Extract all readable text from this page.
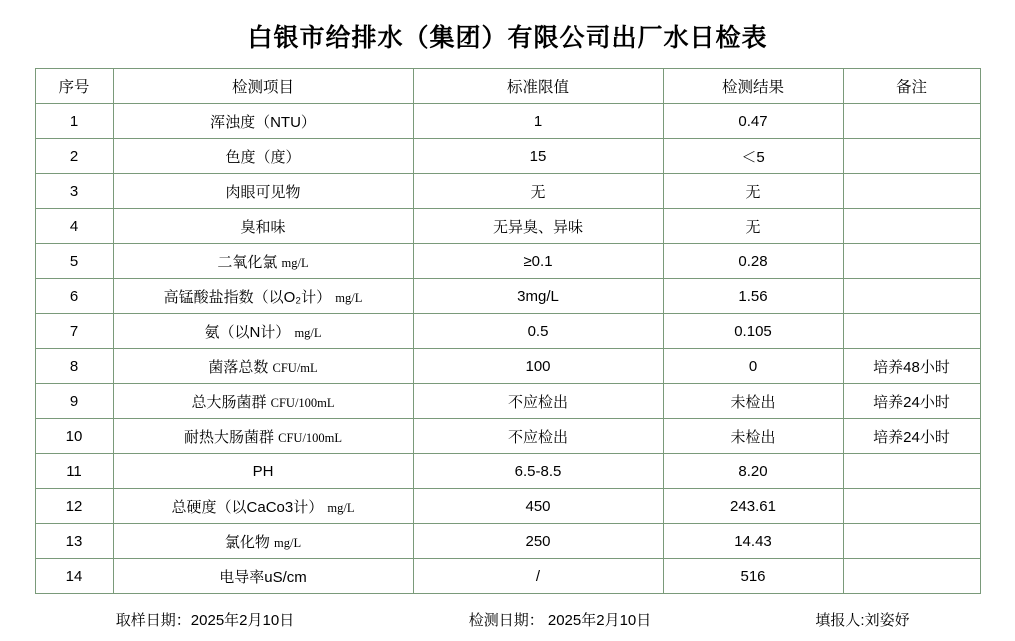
白银市给排水（集团）有限公司出厂水日检表
序号	检测项目	标准限值	检测结果	备注
1	浑浊度（NTU）	1	0.47	
2	色度（度）	15	＜5	
3	肉眼可见物	无	无	
4	臭和味	无异臭、异味	无	
5	二氧化氯 mg/L	≥0.1	0.28	
6	高锰酸盐指数（以O₂计） mg/L	3mg/L	1.56	
7	氨（以N计） mg/L	0.5	0.105	
8	菌落总数 CFU/mL	100	0	培养48小时
9	总大肠菌群 CFU/100mL	不应检出	未检出	培养24小时
10	耐热大肠菌群 CFU/100mL	不应检出	未检出	培养24小时
11	PH	6.5-8.5	8.20	
12	总硬度（以CaCo3计） mg/L	450	243.61	
13	氯化物 mg/L	250	14.43	
14	电导率uS/cm	/	516	
取样日期：2025年2月10日	检测日期： 2025年2月10日	填报人:刘姿妤
